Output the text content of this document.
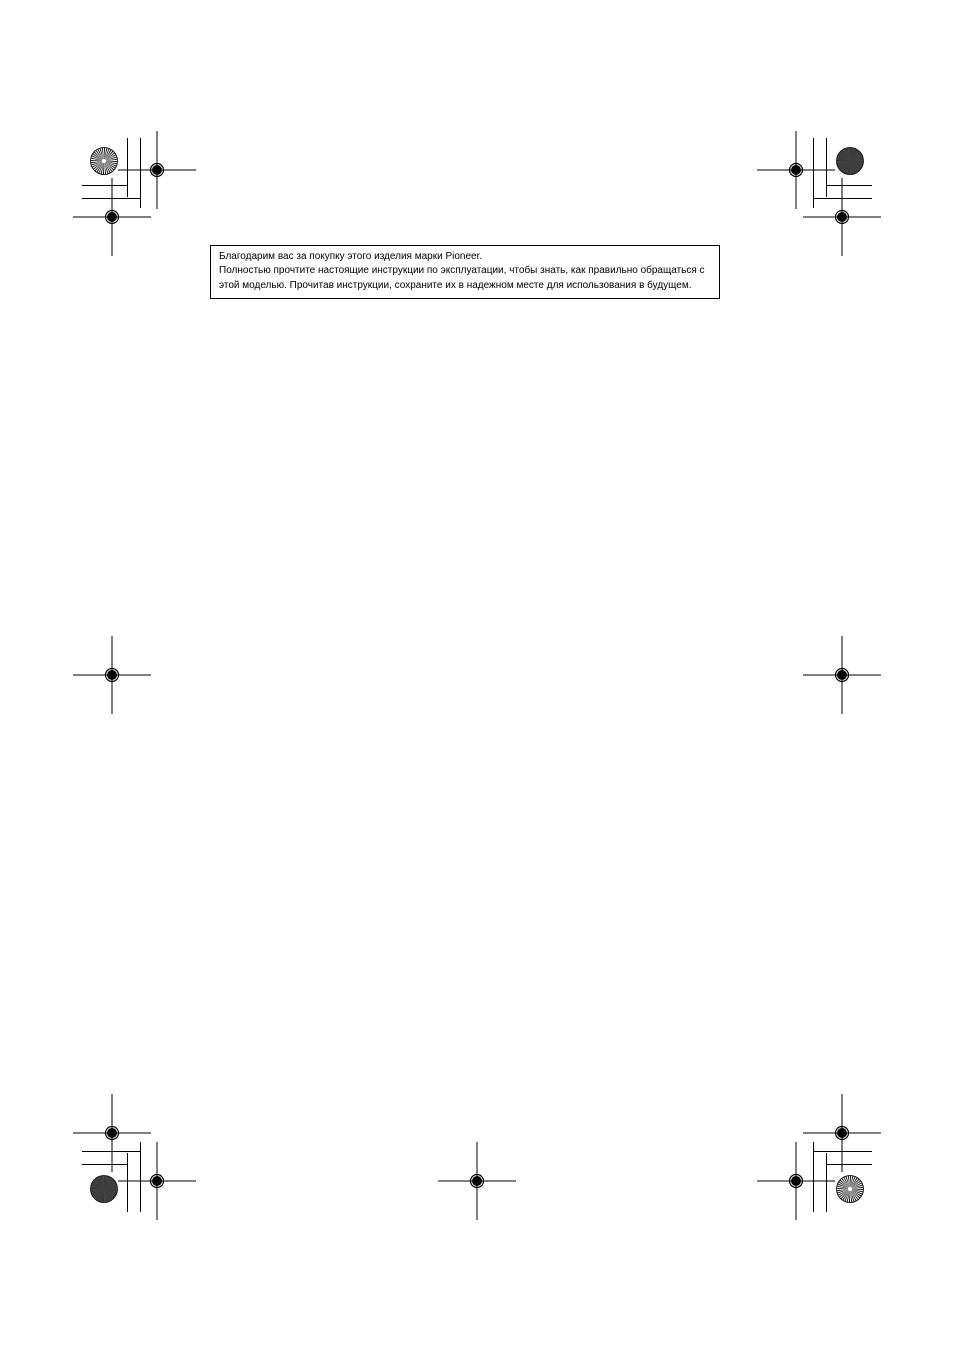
Благодарим вас за покупку этого изделия марки Pioneer.

Полностью прочтите настоящие инструкции по эксплуатации, чтобы знать, как правильно обращаться с этой моделью. Прочитав инструкции, сохраните их в надежном месте для использования в будущем.
